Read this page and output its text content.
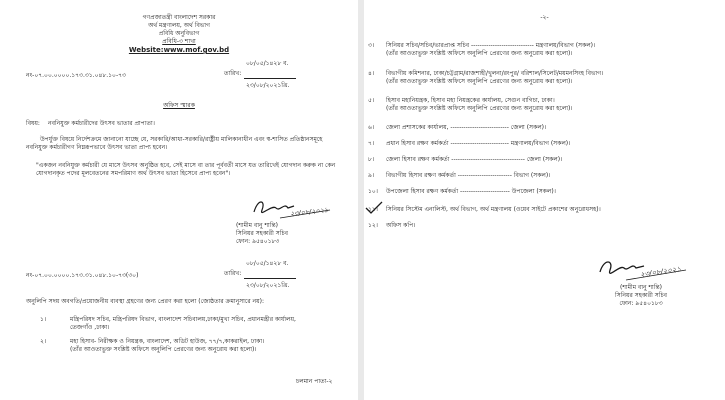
গণপ্রজাতন্ত্রী বাংলাদেশ সরকার
অর্থ মন্ত্রণালয়, অর্থ বিভাগ
প্রবিধি অনুবিভাগ
প্রবিধি-৩ শাখা
Website:www.mof.gov.bd
০৮/০৫/১৪২৮ ব.
তারিখ:
নং-০৭.০০.০০০০.১৭৩.৩১.০৪৮.১০-৭৩
২৩/০৮/২০২১খ্রি.
অফিস স্মারক
বিষয়: নবনিযুক্ত কর্মচারীদের উৎসব ভাতার প্রাপ্যতা।
উপর্যুক্ত বিষয়ে নির্দেশক্রমে জানানো যাচ্ছে যে, সরকারি/আধা-সরকারি/রাষ্ট্রীয় মালিকানাধীন এবং স্ব-শাসিত প্রতিষ্ঠানসমূহে নবনিযুক্ত কর্মচারীগণ নিম্নরূপভাবে উৎসব ভাতা প্রাপ্য হবেন।
"একজন নবনিযুক্ত কর্মচারী যে মাসে উৎসব অনুষ্ঠিত হবে, সেই মাসে বা তার পূর্ববর্তী মাসে যত তারিখেই যোগদান করুক না কেন যোগদানকৃত পদের মূলবেতনের সমপরিমাণ অর্থ উৎসব ভাতা হিসেবে প্রাপ্য হবেন"।
২৩/০৮/২০২১
(শামীম বানু শান্তি)
সিনিয়র সহকারী সচিব
ফোন: ৯৫৪০১৮৩
০৮/০৫/১৪২৮ ব.
তারিখ:
নং-০৭.০০.০০০০.১৭৩.৩১.০৪৮.১০-৭৩(৩০)
২৩/০৮/২০২১খ্রি.
অনুলিপি সদয় অবগতি/প্রয়োজনীয় ব্যবস্থা গ্রহণের জন্য প্রেরণ করা হলো (জ্যেষ্ঠতার ক্রমানুসারে নয়):
১।	মন্ত্রিপরিষদ সচিব, মন্ত্রিপরিষদ বিভাগ, বাংলাদেশ সচিবালয়,ঢাকা/মুখ্য সচিব, প্রধানমন্ত্রীর কার্যালয়,
তেজগাঁও ,ঢাকা।
২।	মহা হিসাব- নিরীক্ষক ও নিয়ন্ত্রক, বাংলাদেশ, অডিট হাউজ, ৭৭/৭,কাকরাইল, ঢাকা।
(তাঁর আওতাভুক্ত সংশ্লিষ্ট অফিসে অনুলিপি প্রেরণের জন্য অনুরোধ করা হলো)।
চলমান পাতা-২
-২-
৩। সিনিয়র সচিব/সচিব/ভারপ্রাপ্ত সচিব ----------------------------- মন্ত্রণালয়/বিভাগ (সকল)।
(তাঁর আওতাভুক্ত সংশ্লিষ্ট অফিসে অনুলিপি প্রেরণের জন্য অনুরোধ করা হলো)।
৪। বিভাগীয় কমিশনার, ঢাকা/চট্টগ্রাম/রাজশাহী/খুলনা/রংপুর/ বরিশাল/সিলেট/ময়মনসিংহ বিভাগ।
(তাঁর আওতাভুক্ত সংশ্লিষ্ট অফিসে অনুলিপি প্রেরণের জন্য অনুরোধ করা হলো)।
৫। হিসাব মহানিয়ন্ত্রক, হিসাব মহা নিয়ন্ত্রকের কার্যালয়, সেগুন বাগিচা, ঢাকা।
(তাঁর আওতাভুক্ত সংশ্লিষ্ট অফিসে অনুলিপি প্রেরণের জন্য অনুরোধ করা হলো)।
৬। জেলা প্রশাসকের কার্যালয়, --------------------------- জেলা (সকল)।
৭। প্রধান হিসাব রক্ষণ কর্মকর্তা --------------------------- মন্ত্রণালয়/বিভাগ (সকল)।
৮। জেলা হিসাব রক্ষণ কর্মকর্তা ---------------------------------- জেলা (সকল)।
৯। বিভাগীয় হিসাব রক্ষণ কর্মকর্তা ------------------------- বিভাগ (সকল)।
১০। উপজেলা হিসাব রক্ষণ কর্মকর্তা ----------------------- উপজেলা (সকল)।
১১। সিনিয়র সিস্টেম এনালিস্ট, অর্থ বিভাগ, অর্থ মন্ত্রণালয় (ওয়েব সাইটে প্রকাশের অনুরোধসহ)।
১২। অফিস কপি।
২৩/০৮/২০২১
(শামীম বানু শান্তি)
সিনিয়র সহকারী সচিব
ফোন: ৯৫৪০১৮৩
